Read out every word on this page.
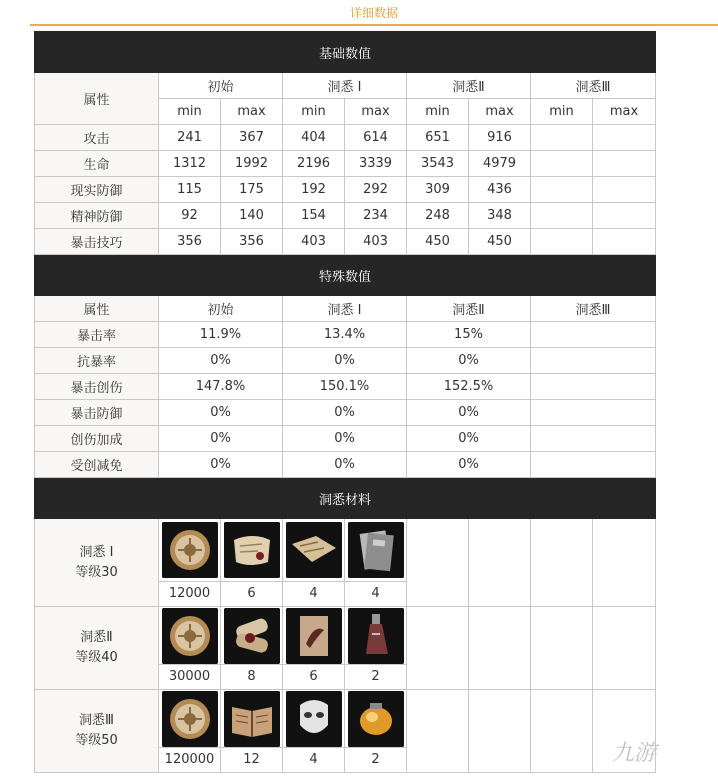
详细数据
基础数值								
属性	初始		洞悉 I		洞悉Ⅱ		洞悉Ⅲ	
	min	max	min	max	min	max	min	max
攻击	241	367	404	614	651	916		
生命	1312	1992	2196	3339	3543	4979		
现实防御	115	175	192	292	309	436		
精神防御	92	140	154	234	248	348		
暴击技巧	356	356	403	403	450	450		
特殊数值								
属性	初始		洞悉 I		洞悉Ⅱ		洞悉Ⅲ	
暴击率	11.9%		13.4%		15%			
抗暴率	0%		0%		0%			
暴击创伤	147.8%		150.1%		152.5%			
暴击防御	0%		0%		0%			
创伤加成	0%		0%		0%			
受创减免	0%		0%		0%			
洞悉材料								

洞悉 I
等级30	12000	6	4	4				

洞悉Ⅱ
等级40	30000	8	6	2				

洞悉Ⅲ
等级50	120000	12	4	2				
					九游
